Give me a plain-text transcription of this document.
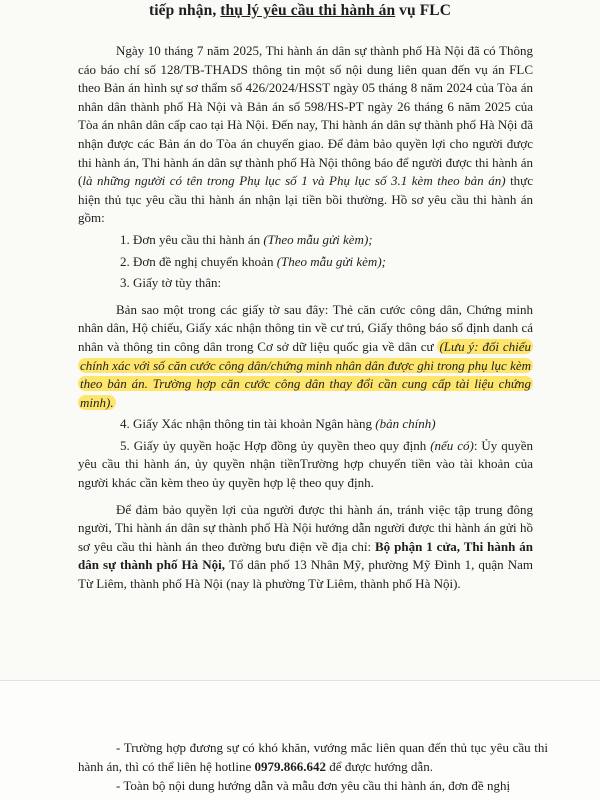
tiếp nhận, thụ lý yêu cầu thi hành án vụ FLC

Ngày 10 tháng 7 năm 2025, Thi hành án dân sự thành phố Hà Nội đã có Thông cáo báo chí số 128/TB-THADS thông tin một số nội dung liên quan đến vụ án FLC theo Bản án hình sự sơ thẩm số 426/2024/HSST ngày 05 tháng 8 năm 2024 của Tòa án nhân dân thành phố Hà Nội và Bản án số 598/HS-PT ngày 26 tháng 6 năm 2025 của Tòa án nhân dân cấp cao tại Hà Nội. Đến nay, Thi hành án dân sự thành phố Hà Nội đã nhận được các Bản án do Tòa án chuyển giao. Để đảm bảo quyền lợi cho người được thi hành án, Thi hành án dân sự thành phố Hà Nội thông báo để người được thi hành án (là những người có tên trong Phụ lục số 1 và Phụ lục số 3.1 kèm theo bản án) thực hiện thủ tục yêu cầu thi hành án nhận lại tiền bồi thường. Hồ sơ yêu cầu thi hành án gồm:

1. Đơn yêu cầu thi hành án (Theo mẫu gửi kèm);

2. Đơn đề nghị chuyển khoản (Theo mẫu gửi kèm);

3. Giấy tờ tùy thân:

Bản sao một trong các giấy tờ sau đây: Thẻ căn cước công dân, Chứng minh nhân dân, Hộ chiếu, Giấy xác nhận thông tin về cư trú, Giấy thông báo số định danh cá nhân và thông tin công dân trong Cơ sở dữ liệu quốc gia về dân cư (Lưu ý: đối chiếu chính xác với số căn cước công dân/chứng minh nhân dân được ghi trong phụ lục kèm theo bản án. Trường hợp căn cước công dân thay đổi cần cung cấp tài liệu chứng minh).

4. Giấy Xác nhận thông tin tài khoản Ngân hàng (bản chính)

5. Giấy ủy quyền hoặc Hợp đồng ủy quyền theo quy định (nếu có): Ủy quyền yêu cầu thi hành án, ủy quyền nhận tiềnTrường hợp chuyển tiền vào tài khoản của người khác cần kèm theo ủy quyền hợp lệ theo quy định.

Để đảm bảo quyền lợi của người được thi hành án, tránh việc tập trung đông người, Thi hành án dân sự thành phố Hà Nội hướng dẫn người được thi hành án gửi hồ sơ yêu cầu thi hành án theo đường bưu điện về địa chỉ: Bộ phận 1 cửa, Thi hành án dân sự thành phố Hà Nội, Tổ dân phố 13 Nhân Mỹ, phường Mỹ Đình 1, quận Nam Từ Liêm, thành phố Hà Nội (nay là phường Từ Liêm, thành phố Hà Nội).

- Trường hợp đương sự có khó khăn, vướng mắc liên quan đến thủ tục yêu cầu thi hành án, thì có thể liên hệ hotline 0979.866.642 để được hướng dẫn.

- Toàn bộ nội dung hướng dẫn và mẫu đơn yêu cầu thi hành án, đơn đề nghị
